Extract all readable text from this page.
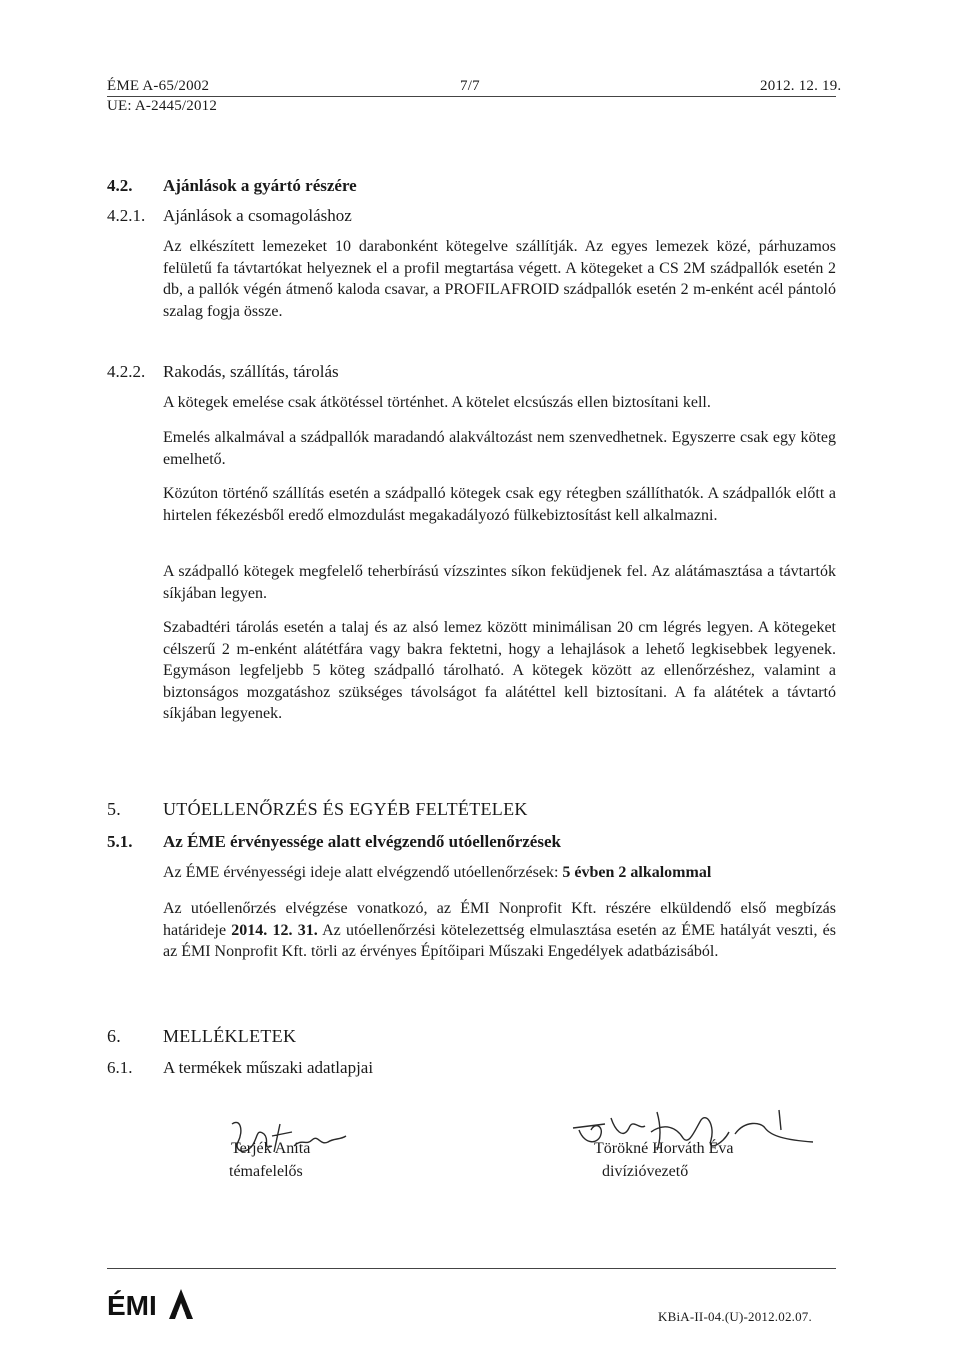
ÉME A-65/2002	7/7	2012. 12. 19.
UE: A-2445/2012
4.2. Ajánlások a gyártó részére
4.2.1. Ajánlások a csomagoláshoz
Az elkészített lemezeket 10 darabonként kötegelve szállítják. Az egyes lemezek közé, párhuzamos felületű fa távtartókat helyeznek el a profil megtartása végett. A kötegeket a CS 2M szádpallók esetén 2 db, a pallók végén átmenő kaloda csavar, a PROFILAFROID szádpallók esetén 2 m-enként acél pántoló szalag fogja össze.
4.2.2. Rakodás, szállítás, tárolás
A kötegek emelése csak átkötéssel történhet. A kötelet elcsúszás ellen biztosítani kell.
Emelés alkalmával a szádpallók maradandó alakváltozást nem szenvedhetnek. Egyszerre csak egy köteg emelhető.
Közúton történő szállítás esetén a szádpalló kötegek csak egy rétegben szállíthatók. A szádpallók előtt a hirtelen fékezésből eredő elmozdulást megakadályozó fülkebiztosítást kell alkalmazni.
A szádpalló kötegek megfelelő teherbírású vízszintes síkon feküdjenek fel. Az alátámasztása a távtartók síkjában legyen.
Szabadtéri tárolás esetén a talaj és az alsó lemez között minimálisan 20 cm légrés legyen. A kötegeket célszerű 2 m-enként alátétfára vagy bakra fektetni, hogy a lehajlások a lehető legkisebbek legyenek. Egymáson legfeljebb 5 köteg szádpalló tárolható. A kötegek között az ellenőrzéshez, valamint a biztonságos mozgatáshoz szükséges távolságot fa alátéttel kell biztosítani. A fa alátétek a távtartó síkjában legyenek.
5. UTÓELLENŐRZÉS ÉS EGYÉB FELTÉTELEK
5.1. Az ÉME érvényessége alatt elvégzendő utóellenőrzések
Az ÉME érvényességi ideje alatt elvégzendő utóellenőrzések: 5 évben 2 alkalommal
Az utóellenőrzés elvégzése vonatkozó, az ÉMI Nonprofit Kft. részére elküldendő első megbízás határideje 2014. 12. 31. Az utóellenőrzési kötelezettség elmulasztása esetén az ÉME hatályát veszti, és az ÉMI Nonprofit Kft. törli az érvényes Építőipari Műszaki Engedélyek adatbázisából.
6. MELLÉKLETEK
6.1. A termékek műszaki adatlapjai
Terjék Anita
témafelelős
Törökné Horváth Éva
divízióvezető
ÉMI	KBiA-II-04.(U)-2012.02.07.
